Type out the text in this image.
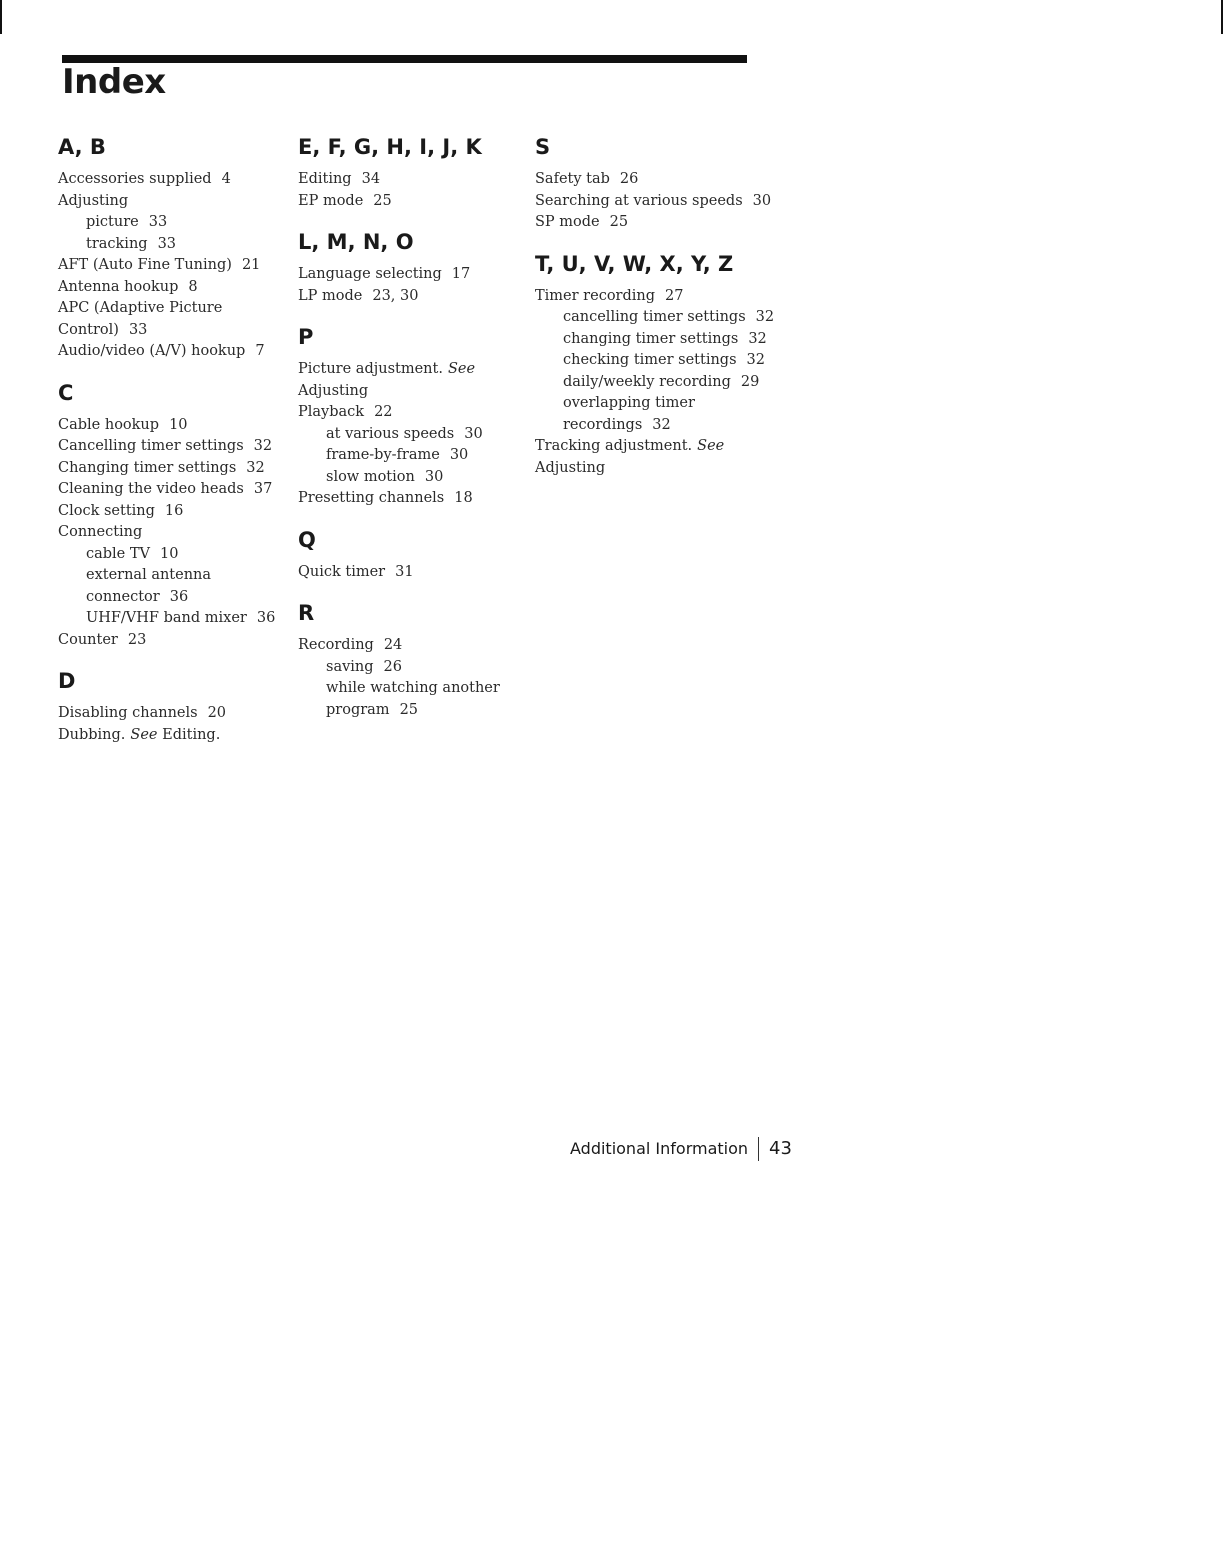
Index
A, B
Accessories supplied 4
Adjusting
picture 33
tracking 33
AFT (Auto Fine Tuning) 21
Antenna hookup 8
APC (Adaptive Picture Control) 33
Audio/video (A/V) hookup 7
C
Cable hookup 10
Cancelling timer settings 32
Changing timer settings 32
Cleaning the video heads 37
Clock setting 16
Connecting
cable TV 10
external antenna connector 36
UHF/VHF band mixer 36
Counter 23
D
Disabling channels 20
Dubbing. See Editing.
E, F, G, H, I, J, K
Editing 34
EP mode 25
L, M, N, O
Language selecting 17
LP mode 23, 30
P
Picture adjustment. See Adjusting
Playback 22
at various speeds 30
frame-by-frame 30
slow motion 30
Presetting channels 18
Q
Quick timer 31
R
Recording 24
saving 26
while watching another program 25
S
Safety tab 26
Searching at various speeds 30
SP mode 25
T, U, V, W, X, Y, Z
Timer recording 27
cancelling timer settings 32
changing timer settings 32
checking timer settings 32
daily/weekly recording 29
overlapping timer recordings 32
Tracking adjustment. See Adjusting
Additional Information 43
